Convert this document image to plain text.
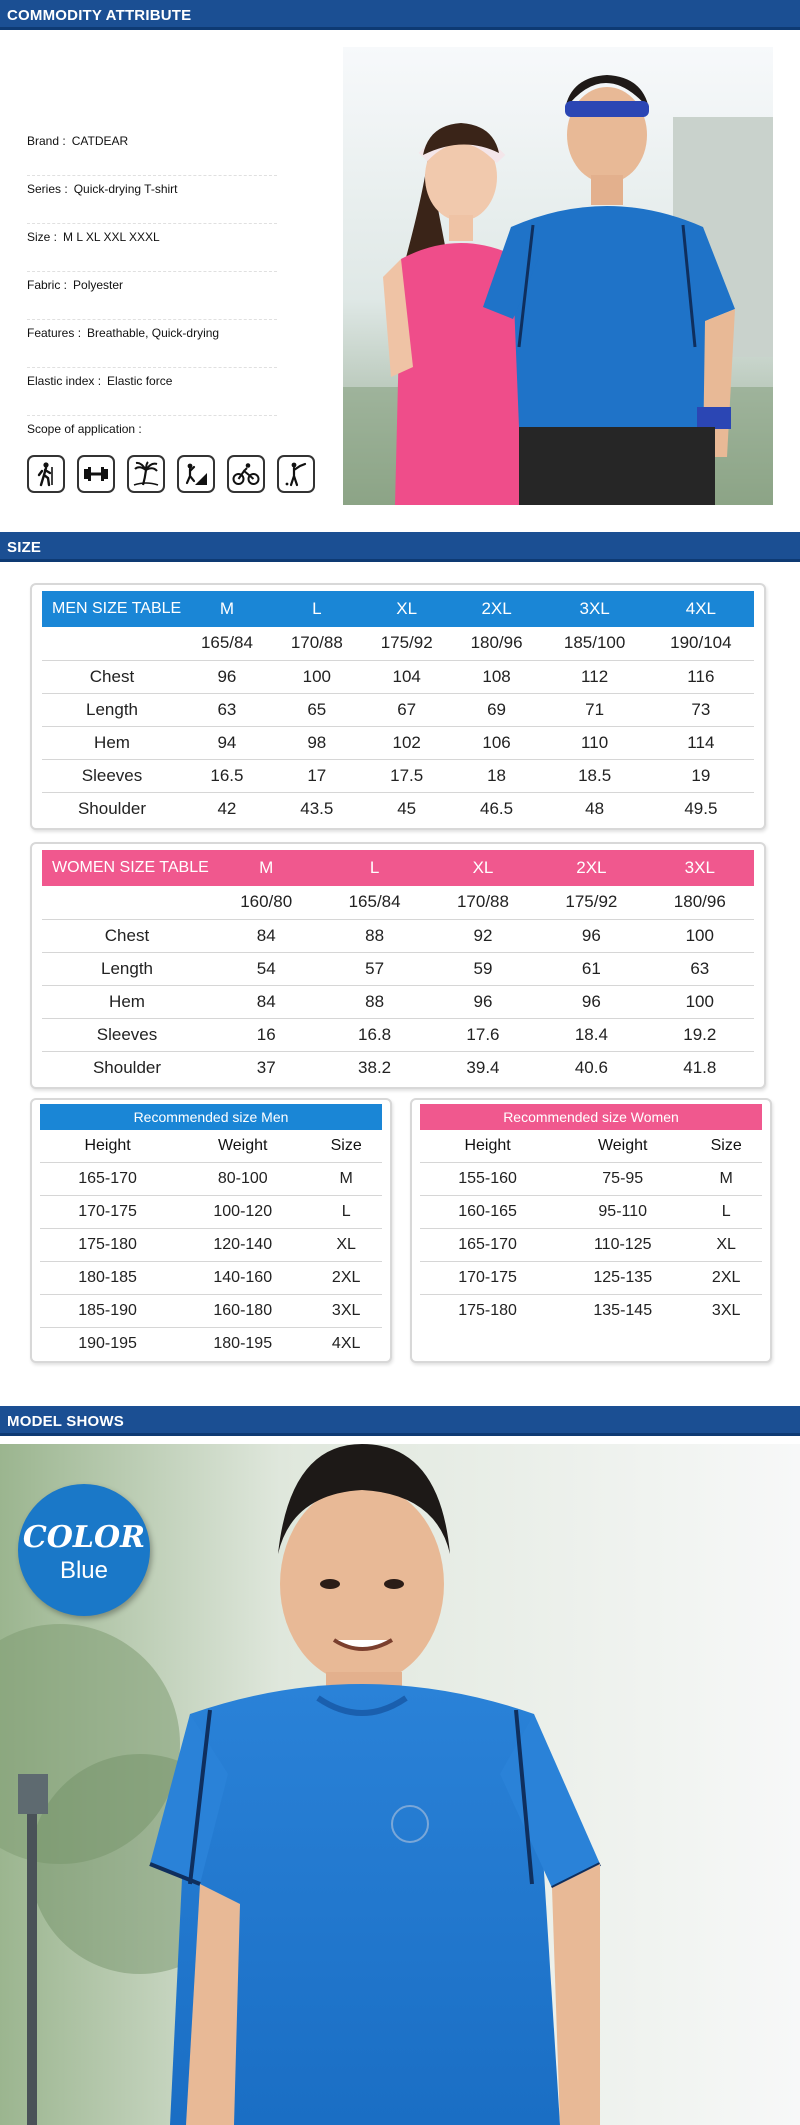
COMMODITY ATTRIBUTE
Brand : CATDEAR
Series : Quick-drying T-shirt
Size : M L XL XXL XXXL
Fabric : Polyester
Features : Breathable, Quick-drying
Elastic index : Elastic force
Scope of application :
SIZE
MEN SIZE TABLE	M	L	XL	2XL	3XL	4XL
	165/84	170/88	175/92	180/96	185/100	190/104
Chest	96	100	104	108	112	116
Length	63	65	67	69	71	73
Hem	94	98	102	106	110	114
Sleeves	16.5	17	17.5	18	18.5	19
Shoulder	42	43.5	45	46.5	48	49.5
WOMEN SIZE TABLE	M	L	XL	2XL	3XL
	160/80	165/84	170/88	175/92	180/96
Chest	84	88	92	96	100
Length	54	57	59	61	63
Hem	84	88	96	96	100
Sleeves	16	16.8	17.6	18.4	19.2
Shoulder	37	38.2	39.4	40.6	41.8
Recommended size Men		
Height	Weight	Size
165-170	80-100	M
170-175	100-120	L
175-180	120-140	XL
180-185	140-160	2XL
185-190	160-180	3XL
190-195	180-195	4XL
Recommended size Women		
Height	Weight	Size
155-160	75-95	M
160-165	95-110	L
165-170	110-125	XL
170-175	125-135	2XL
175-180	135-145	3XL
MODEL SHOWS
COLOR
Blue
